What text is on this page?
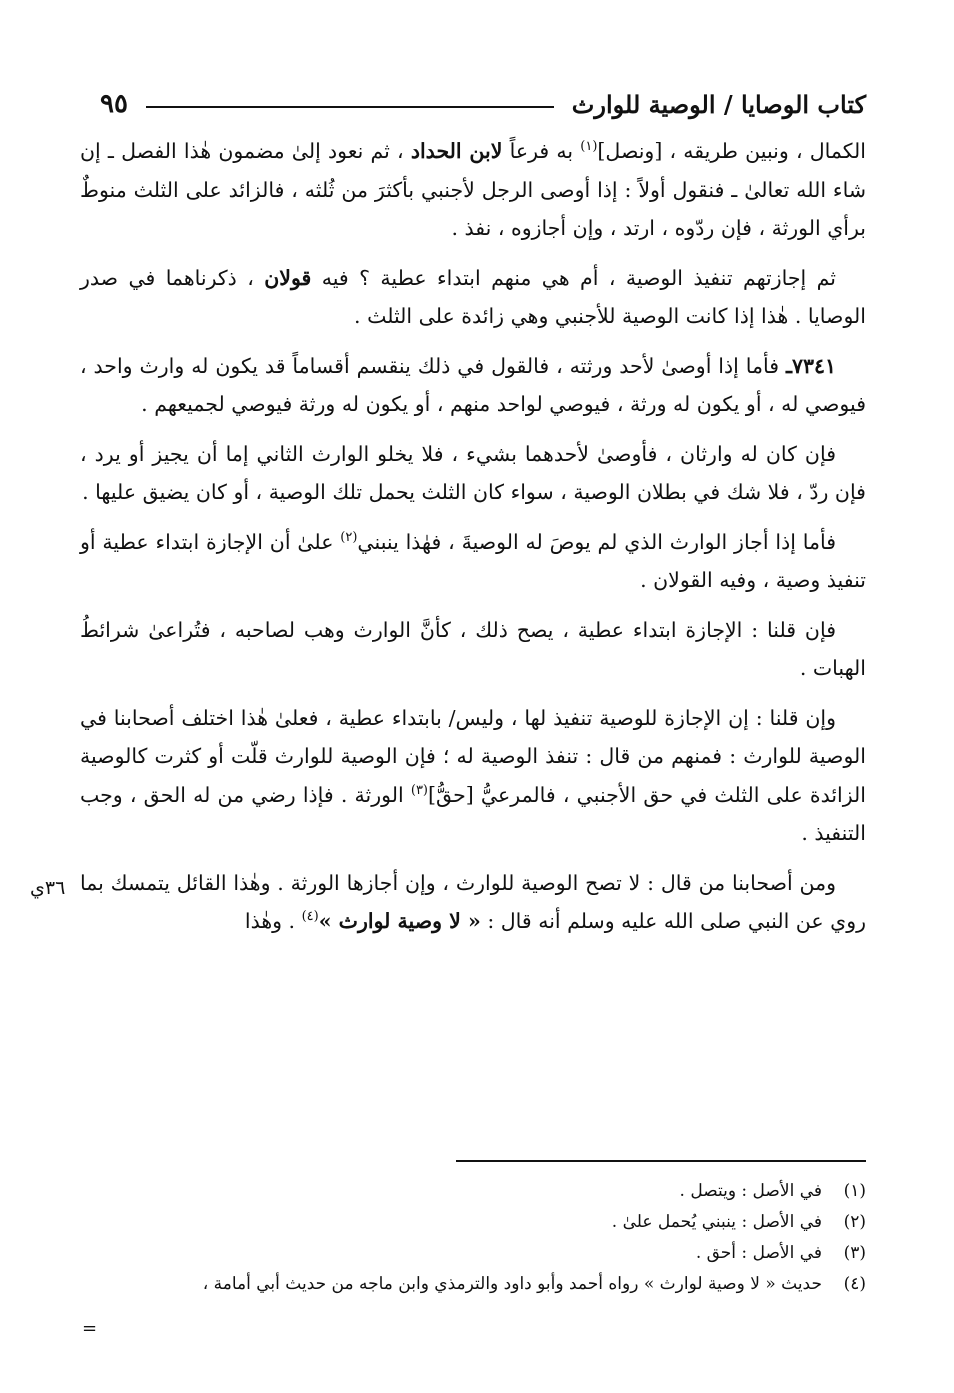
كتاب الوصايا / الوصية للوارث
٩٥

الكمال ، ونبين طريقه ، [ونصل]$^{(١)}$ به فرعاً لابن الحداد ، ثم نعود إلىٰ مضمون هٰذا الفصل ـ إن شاء الله تعالىٰ ـ فنقول أولاً : إذا أوصى الرجل لأجنبي بأكثرَ من ثُلثه ، فالزائد على الثلث منوطٌ برأي الورثة ، فإن ردّوه ، ارتد ، وإن أجازوه ، نفذ .

ثم إجازتهم تنفيذ الوصية ، أم هي منهم ابتداء عطية ؟ فيه قولان ، ذكرناهما في صدر الوصايا . هٰذا إذا كانت الوصية للأجنبي وهي زائدة على الثلث .

٧٣٤١ـ فأما إذا أوصىٰ لأحد ورثته ، فالقول في ذلك ينقسم أقساماً قد يكون له وارث واحد ، فيوصي له ، أو يكون له ورثة ، فيوصي لواحد منهم ، أو يكون له ورثة فيوصي لجميعهم .

فإن كان له وارثان ، فأوصىٰ لأحدهما بشيء ، فلا يخلو الوارث الثاني إما أن يجيز أو يرد ، فإن ردّ ، فلا شك في بطلان الوصية ، سواء كان الثلث يحمل تلك الوصية ، أو كان يضيق عليها .

فأما إذا أجاز الوارث الذي لم يوصَ له الوصيةَ ، فهٰذا ينبني$^{(٢)}$ علىٰ أن الإجازة ابتداء عطية أو تنفيذ وصية ، وفيه القولان .

فإن قلنا : الإجازة ابتداء عطية ، يصح ذلك ، كأنَّ الوارث وهب لصاحبه ، فتُراعىٰ شرائطُ الهبات .

وإن قلنا : إن الإجازة للوصية تنفيذ لها ، وليس/ بابتداء عطية ، فعلىٰ هٰذا اختلف أصحابنا في الوصية للوارث : فمنهم من قال : تنفذ الوصية له ؛ فإن الوصية للوارث قلّت أو كثرت كالوصية الزائدة على الثلث في حق الأجنبي ، فالمرعيُّ [حقُّ]$^{(٣)}$ الورثة . فإذا رضي من له الحق ، وجب التنفيذ .

ومن أصحابنا من قال : لا تصح الوصية للوارث ، وإن أجازها الورثة . وهٰذا القائل يتمسك بما روي عن النبي صلى الله عليه وسلم أنه قال : « لا وصية لوارث »$^{(٤)}$ . وهٰذا

٣٦ي
(١)
في الأصل : ويتصل .
(٢)
في الأصل : ينبني يُحمل علىٰ .
(٣)
في الأصل : أحق .
(٤)
حديث « لا وصية لوارث » رواه أحمد وأبو داود والترمذي وابن ماجه من حديث أبي أمامة ،
=
